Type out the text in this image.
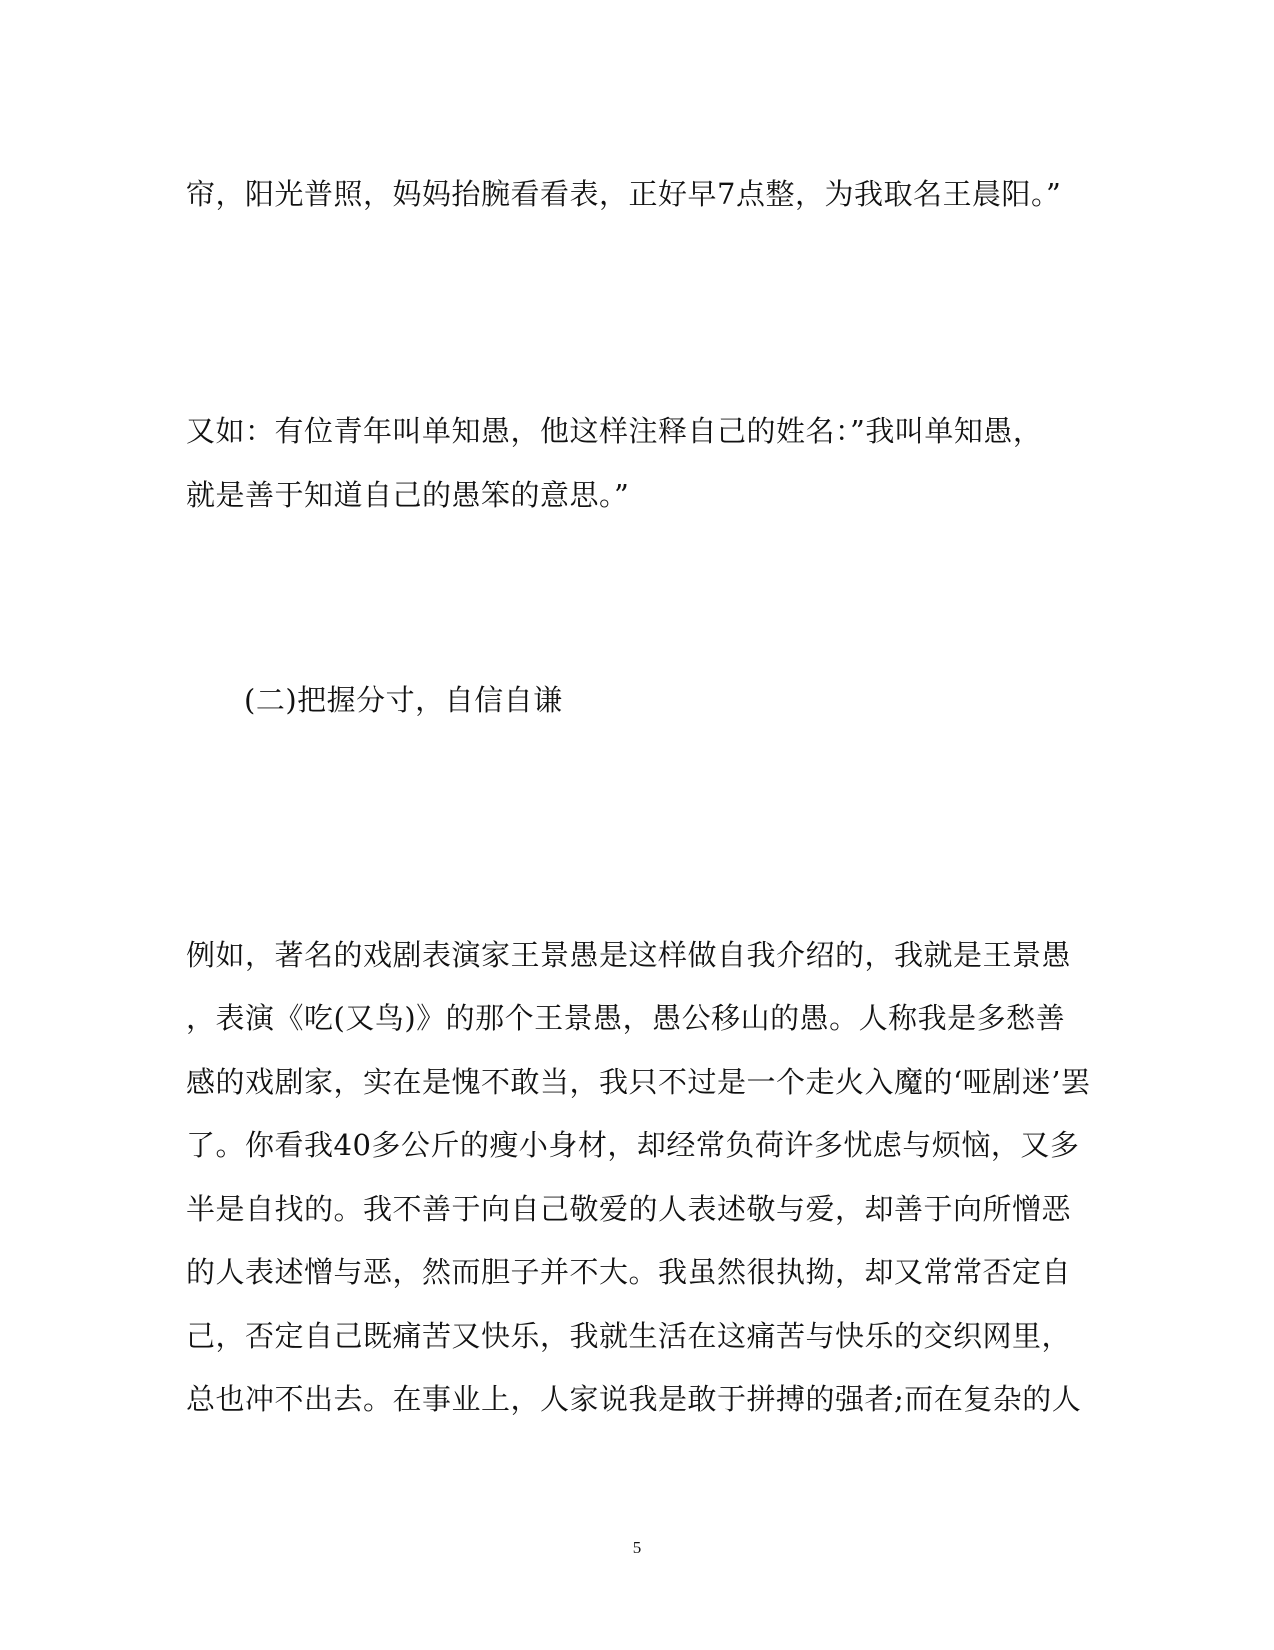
帘，阳光普照，妈妈抬腕看看表，正好早7点整，为我取名王晨阳。”
又如：有位青年叫单知愚，他这样注释自己的姓名：”我叫单知愚，
就是善于知道自己的愚笨的意思。”
(二)把握分寸，自信自谦
例如，著名的戏剧表演家王景愚是这样做自我介绍的，我就是王景愚
，表演《吃(又鸟)》的那个王景愚，愚公移山的愚。人称我是多愁善
感的戏剧家，实在是愧不敢当，我只不过是一个走火入魔的‘哑剧迷’罢
了。你看我40多公斤的瘦小身材，却经常负荷许多忧虑与烦恼，又多
半是自找的。我不善于向自己敬爱的人表述敬与爱，却善于向所憎恶
的人表述憎与恶，然而胆子并不大。我虽然很执拗，却又常常否定自
己，否定自己既痛苦又快乐，我就生活在这痛苦与快乐的交织网里，
总也冲不出去。在事业上，人家说我是敢于拼搏的强者;而在复杂的人
5
